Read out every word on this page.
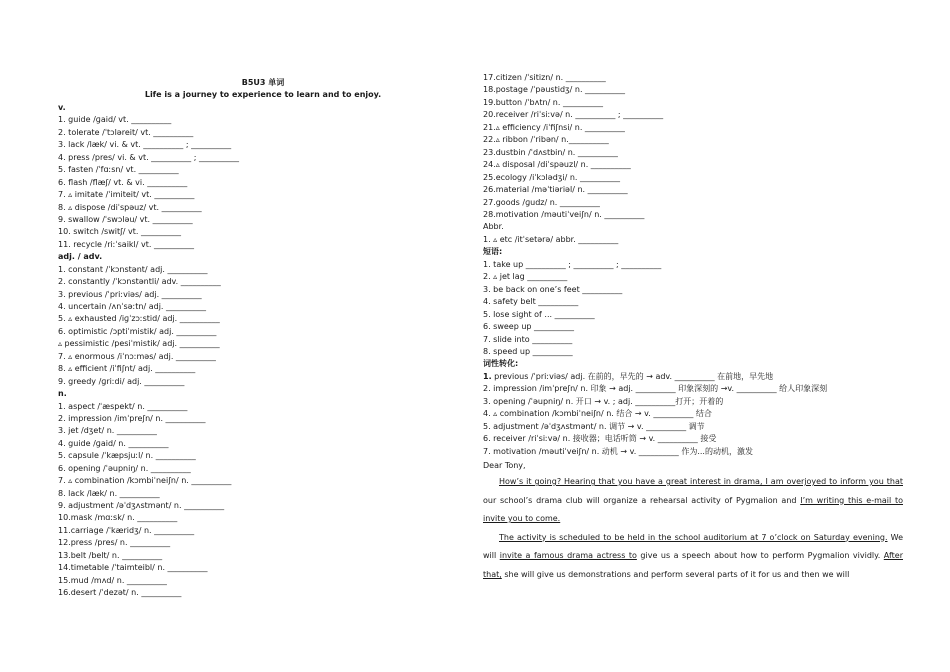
B5U3 单词
Life is a journey to experience to learn and to enjoy.
v.
1. guide /ɡaid/ vt. __________
2. tolerate /ˈtɔləreit/ vt. __________
3. lack /læk/ vi. & vt. __________ ; __________
4. press /pres/ vi. & vt. __________ ; __________
5. fasten /ˈfɑːsn/ vt. __________
6. flash /flæʃ/ vt. & vi. __________
7. ▵ imitate /ˈimiteit/ vt. __________
8. ▵ dispose /diˈspəuz/ vt. __________
9. swallow /ˈswɔləu/ vt. __________
10. switch /switʃ/ vt. __________
11. recycle /riːˈsaikl/ vt. __________
adj. / adv.
1. constant /ˈkɔnstənt/ adj. __________
2. constantly /ˈkɔnstəntli/ adv. __________
3. previous /ˈpriːviəs/ adj. __________
4. uncertain /ʌnˈsəːtn/ adj. __________
5. ▵ exhausted /iɡˈzɔːstid/ adj. __________
6. optimistic /ɔptiˈmistik/ adj. __________
▵ pessimistic /pesiˈmistik/ adj. __________
7. ▵ enormous /iˈnɔːməs/ adj. __________
8. ▵ efficient /iˈfiʃnt/ adj. __________
9. greedy /ɡriːdi/ adj. __________
n.
1. aspect /ˈæspekt/ n. __________
2. impression /imˈpreʃn/ n. __________
3. jet /dʒet/ n. __________
4. guide /ɡaid/ n. __________
5. capsule /ˈkæpsjuːl/ n. __________
6. opening /ˈəupniŋ/ n. __________
7. ▵ combination /kɔmbiˈneiʃn/ n. __________
8. lack /læk/ n. __________
9. adjustment /əˈdʒʌstmənt/ n. __________
10.mask /mɑːsk/ n. __________
11.carriage /ˈkæridʒ/ n. __________
12.press /pres/ n. __________
13.belt /belt/ n. __________
14.timetable /ˈtaimteibl/ n. __________
15.mud /mʌd/ n. __________
16.desert /ˈdezət/ n. __________
17.citizen /ˈsitizn/ n. __________
18.postage /ˈpəustidʒ/ n. __________
19.button /ˈbʌtn/ n. __________
20.receiver /riˈsiːvə/ n. __________ ; __________
21.▵ efficiency /iˈfiʃnsi/ n. __________
22.▵ ribbon /ˈribən/ n.__________
23.dustbin /ˈdʌstbin/ n. __________
24.▵ disposal /diˈspəuzl/ n. __________
25.ecology /iˈkɔlədʒi/ n. __________
26.material /məˈtiəriəl/ n. __________
27.goods /ɡudz/ n. __________
28.motivation /məutiˈveiʃn/ n. __________
Abbr.
1. ▵ etc /itˈsetərə/ abbr. __________
短语:
1. take up __________ ; __________ ; __________
2. ▵ jet lag __________
3. be back on one’s feet __________
4. safety belt __________
5. lose sight of ... __________
6. sweep up __________
7. slide into __________
8. speed up __________
词性转化:
1. previous /ˈpriːviəs/ adj. 在前的，早先的 → adv. __________ 在前地，早先地
2. impression /imˈpreʃn/ n. 印象 → adj. __________ 印象深刻的 →v. __________ 给人印象深刻
3. opening /ˈəupniŋ/ n. 开口 → v. ; adj. __________打开；开着的
4. ▵ combination /kɔmbiˈneiʃn/ n. 结合 → v. __________ 结合
5. adjustment /əˈdʒʌstmənt/ n. 调节 → v. __________ 调节
6. receiver /riˈsiːvə/ n. 接收器；电话听筒 → v. __________ 接受
7. motivation /məutiˈveiʃn/ n. 动机 → v. __________ 作为...的动机，激发
Dear Tony,
How’s it going? Hearing that you have a great interest in drama, I am overjoyed to inform you that our school’s drama club will organize a rehearsal activity of Pygmalion and I’m writing this e-mail to invite you to come.
The activity is scheduled to be held in the school auditorium at 7 o’clock on Saturday evening. We will invite a famous drama actress to give us a speech about how to perform Pygmalion vividly. After that, she will give us demonstrations and perform several parts of it for us and then we will
